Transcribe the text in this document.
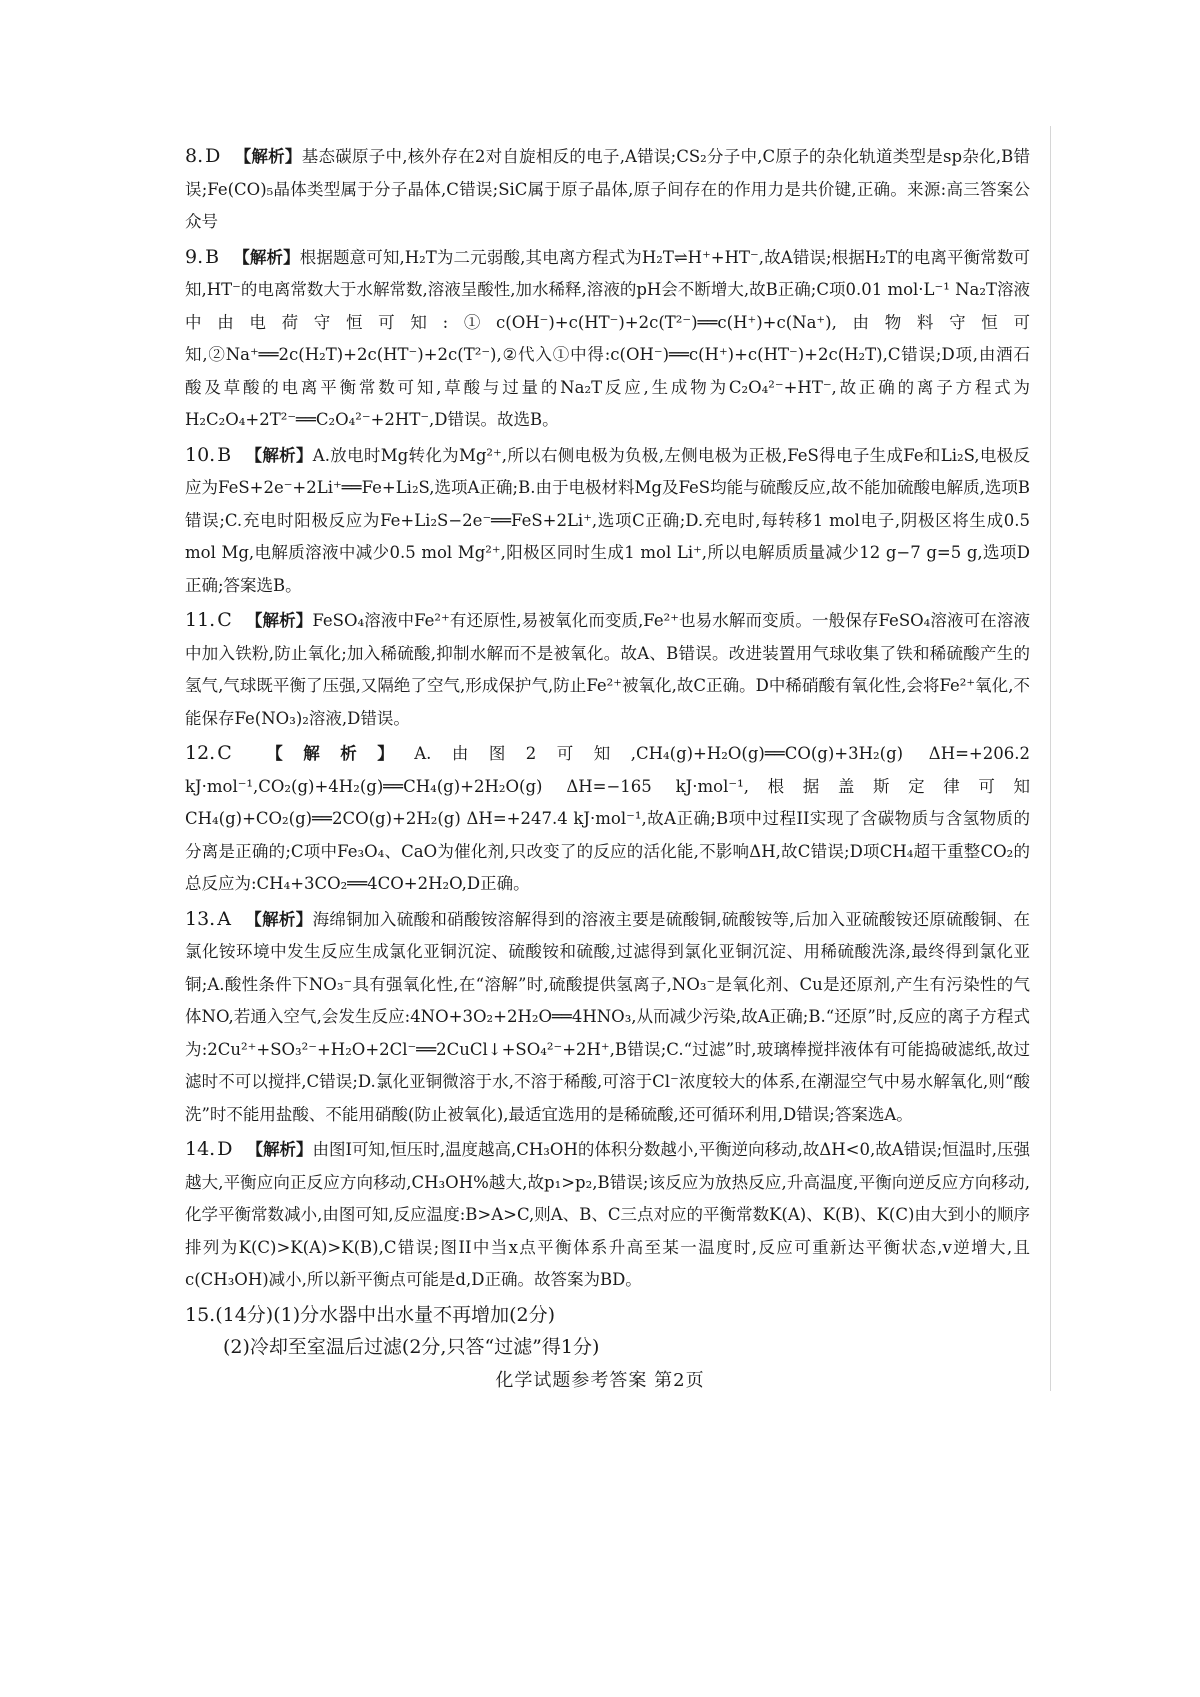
8. D 【解析】基态碳原子中,核外存在2对自旋相反的电子,A错误;CS₂分子中,C原子的杂化轨道类型是sp杂化,B错误;Fe(CO)₅晶体类型属于分子晶体,C错误;SiC属于原子晶体,原子间存在的作用力是共价键,正确。来源:高三答案公众号
9. B 【解析】根据题意可知,H₂T为二元弱酸,其电离方程式为H₂T⇌H⁺+HT⁻,故A错误;根据H₂T的电离平衡常数可知,HT⁻的电离常数大于水解常数,溶液呈酸性,加水稀释,溶液的pH会不断增大,故B正确;C项0.01 mol·L⁻¹ Na₂T溶液中由电荷守恒可知:①c(OH⁻)+c(HT⁻)+2c(T²⁻)══c(H⁺)+c(Na⁺),由物料守恒可知,②Na⁺══2c(H₂T)+2c(HT⁻)+2c(T²⁻),②代入①中得:c(OH⁻)══c(H⁺)+c(HT⁻)+2c(H₂T),C错误;D项,由酒石酸及草酸的电离平衡常数可知,草酸与过量的Na₂T反应,生成物为C₂O₄²⁻+HT⁻,故正确的离子方程式为H₂C₂O₄+2T²⁻══C₂O₄²⁻+2HT⁻,D错误。故选B。
10. B 【解析】A.放电时Mg转化为Mg²⁺,所以右侧电极为负极,左侧电极为正极,FeS得电子生成Fe和Li₂S,电极反应为FeS+2e⁻+2Li⁺══Fe+Li₂S,选项A正确;B.由于电极材料Mg及FeS均能与硫酸反应,故不能加硫酸电解质,选项B错误;C.充电时阳极反应为Fe+Li₂S−2e⁻══FeS+2Li⁺,选项C正确;D.充电时,每转移1 mol电子,阴极区将生成0.5 mol Mg,电解质溶液中减少0.5 mol Mg²⁺,阳极区同时生成1 mol Li⁺,所以电解质质量减少12 g−7 g=5 g,选项D正确;答案选B。
11. C 【解析】FeSO₄溶液中Fe²⁺有还原性,易被氧化而变质,Fe²⁺也易水解而变质。一般保存FeSO₄溶液可在溶液中加入铁粉,防止氧化;加入稀硫酸,抑制水解而不是被氧化。故A、B错误。改进装置用气球收集了铁和稀硫酸产生的氢气,气球既平衡了压强,又隔绝了空气,形成保护气,防止Fe²⁺被氧化,故C正确。D中稀硝酸有氧化性,会将Fe²⁺氧化,不能保存Fe(NO₃)₂溶液,D错误。
12. C 【解析】A.由图2可知,CH₄(g)+H₂O(g)══CO(g)+3H₂(g) ΔH=+206.2 kJ·mol⁻¹,CO₂(g)+4H₂(g)══CH₄(g)+2H₂O(g) ΔH=−165 kJ·mol⁻¹,根据盖斯定律可知CH₄(g)+CO₂(g)══2CO(g)+2H₂(g) ΔH=+247.4 kJ·mol⁻¹,故A正确;B项中过程II实现了含碳物质与含氢物质的分离是正确的;C项中Fe₃O₄、CaO为催化剂,只改变了的反应的活化能,不影响ΔH,故C错误;D项CH₄超干重整CO₂的总反应为:CH₄+3CO₂══4CO+2H₂O,D正确。
13. A 【解析】海绵铜加入硫酸和硝酸铵溶解得到的溶液主要是硫酸铜,硫酸铵等,后加入亚硫酸铵还原硫酸铜、在氯化铵环境中发生反应生成氯化亚铜沉淀、硫酸铵和硫酸,过滤得到氯化亚铜沉淀、用稀硫酸洗涤,最终得到氯化亚铜;A.酸性条件下NO₃⁻具有强氧化性,在“溶解”时,硫酸提供氢离子,NO₃⁻是氧化剂、Cu是还原剂,产生有污染性的气体NO,若通入空气,会发生反应:4NO+3O₂+2H₂O══4HNO₃,从而减少污染,故A正确;B.“还原”时,反应的离子方程式为:2Cu²⁺+SO₃²⁻+H₂O+2Cl⁻══2CuCl↓+SO₄²⁻+2H⁺,B错误;C.“过滤”时,玻璃棒搅拌液体有可能捣破滤纸,故过滤时不可以搅拌,C错误;D.氯化亚铜微溶于水,不溶于稀酸,可溶于Cl⁻浓度较大的体系,在潮湿空气中易水解氧化,则“酸洗”时不能用盐酸、不能用硝酸(防止被氧化),最适宜选用的是稀硫酸,还可循环利用,D错误;答案选A。
14. D 【解析】由图I可知,恒压时,温度越高,CH₃OH的体积分数越小,平衡逆向移动,故ΔH<0,故A错误;恒温时,压强越大,平衡应向正反应方向移动,CH₃OH%越大,故p₁>p₂,B错误;该反应为放热反应,升高温度,平衡向逆反应方向移动,化学平衡常数减小,由图可知,反应温度:B>A>C,则A、B、C三点对应的平衡常数K(A)、K(B)、K(C)由大到小的顺序排列为K(C)>K(A)>K(B),C错误;图II中当x点平衡体系升高至某一温度时,反应可重新达平衡状态,v逆增大,且c(CH₃OH)减小,所以新平衡点可能是d,D正确。故答案为BD。
15.(14分)(1)分水器中出水量不再增加(2分)
(2)冷却至室温后过滤(2分,只答“过滤”得1分)
化学试题参考答案 第2页
